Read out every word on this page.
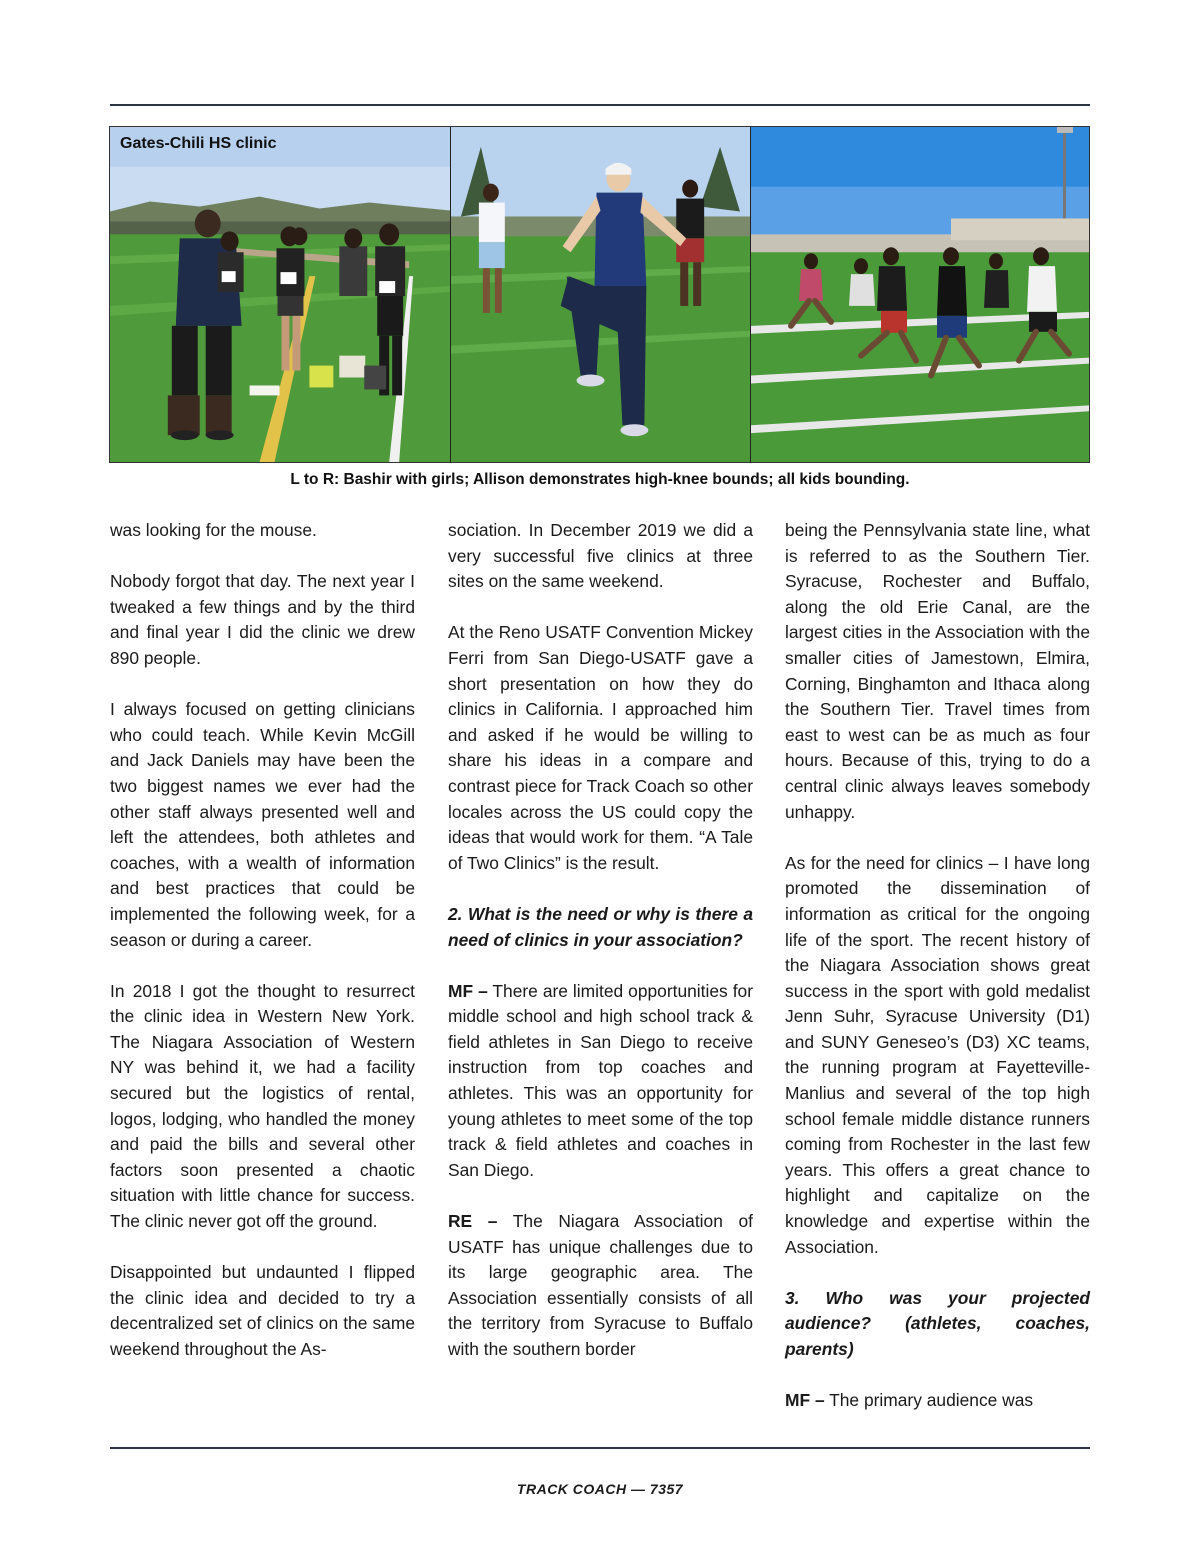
Gates-Chili HS clinic
L to R: Bashir with girls; Allison demonstrates high-knee bounds; all kids bounding.

was looking for the mouse.

Nobody forgot that day. The next year I tweaked a few things and by the third and final year I did the clinic we drew 890 people.

I always focused on getting clinicians who could teach. While Kevin McGill and Jack Daniels may have been the two biggest names we ever had the other staff always presented well and left the attendees, both athletes and coaches, with a wealth of information and best practices that could be implemented the following week, for a season or during a career.

In 2018 I got the thought to resurrect the clinic idea in Western New York. The Niagara Association of Western NY was behind it, we had a facility secured but the logistics of rental, logos, lodging, who handled the money and paid the bills and several other factors soon presented a chaotic situation with little chance for success. The clinic never got off the ground.

Disappointed but undaunted I flipped the clinic idea and decided to try a decentralized set of clinics on the same weekend throughout the As-

sociation. In December 2019 we did a very successful five clinics at three sites on the same weekend.

At the Reno USATF Convention Mickey Ferri from San Diego-USATF gave a short presentation on how they do clinics in California. I approached him and asked if he would be willing to share his ideas in a compare and contrast piece for Track Coach so other locales across the US could copy the ideas that would work for them. “A Tale of Two Clinics” is the result.

2. What is the need or why is there a need of clinics in your association?

MF – There are limited opportunities for middle school and high school track & field athletes in San Diego to receive instruction from top coaches and athletes. This was an opportunity for young athletes to meet some of the top track & field athletes and coaches in San Diego.

RE – The Niagara Association of USATF has unique challenges due to its large geographic area. The Association essentially consists of all the territory from Syracuse to Buffalo with the southern border

being the Pennsylvania state line, what is referred to as the Southern Tier. Syracuse, Rochester and Buffalo, along the old Erie Canal, are the largest cities in the Association with the smaller cities of Jamestown, Elmira, Corning, Binghamton and Ithaca along the Southern Tier. Travel times from east to west can be as much as four hours. Because of this, trying to do a central clinic always leaves somebody unhappy.

As for the need for clinics – I have long promoted the dissemination of information as critical for the ongoing life of the sport. The recent history of the Niagara Association shows great success in the sport with gold medalist Jenn Suhr, Syracuse University (D1) and SUNY Geneseo’s (D3) XC teams, the running program at Fayetteville-Manlius and several of the top high school female middle distance runners coming from Rochester in the last few years. This offers a great chance to highlight and capitalize on the knowledge and expertise within the Association.

3. Who was your projected audience? (athletes, coaches, parents)

MF – The primary audience was

TRACK COACH — 7357
